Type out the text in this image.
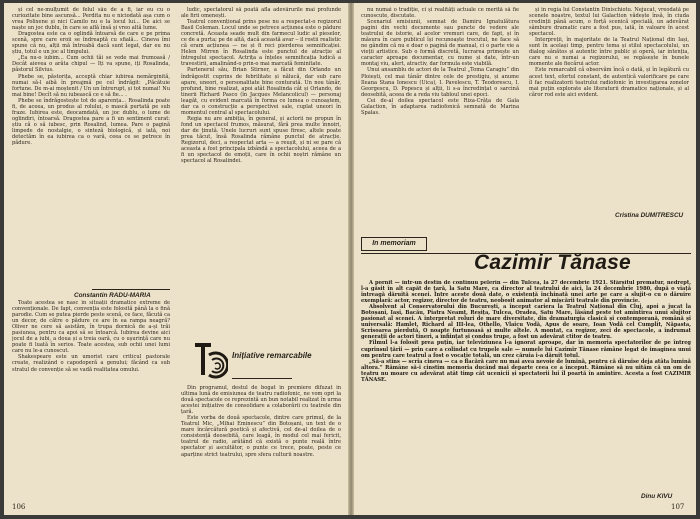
și cel ne-mulțumit de felul său de a fi, iar eu cu o curiozitate bine ascunsă... Perdita nu e niciodată așa cum o vrea Polixene și nici Camilo nu e la locul lui... De aici se naște un joc dublu, în care se află însă și vreo altă lume.

Dragostea este ca o oglindă întoarsă de care e pe prima scenă, spre care eroii se îndreaptă cu sfială... Cineva îmi spune că nu, alții mă întreabă dacă sunt legat, dar eu nu știu, totul e un joc al timpului.

„Ea nu-o iubim... Cum ochii tăi se vede mai frumoasă / Decât aievea o arăta chipul — Iți va spune, iți Rosalinda, păstorul Silvius.

Phebe se, păstorița, acceptă chiar iubirea nemărginită, numai să-l aibă în preajmă pe cel îndrăgit: „Păcătuie fortune. De m-ai moștenit / Un un întrerupt, și tot numai! Nu mai bine! Decît să nu iubească ce e să fie... .

Phebe se îndrăgostește tot de aparența... Rosalinda poate fi, de aceea, un produs al rolului, o mască purtată pe sub fraze. Iubirea este, deocamdată, un joc dublu, o lume de oglindiri, întoarsă. Dragostea pare a fi un sentiment curat: știu că o să iubesc, prin Rosalind, lumea. Pare o pagină limpede de nostalgie, o sinteză biologică, și iată, noi detectăm în ea iubirea ca o vară, ceea ce se petrece în pădure.

Constantin RADU-MARIA

Toate acestea se nasc în situații dramatice extreme de convenționale. De fapt, convenția este folosită până la o fină parodie. Cum se putea pierde peste scenă, ce face, făcută ca un decor, de către o pădure ce are în ea rampa neagră? Oliver ne cere să asistăm, în trupa dornică de a-și trăi pasiunea, pentru ca apoi să se întoarcă. Iubirea devine aici jocul de a iubi, a doua și a treia oară, cu o ușurință care nu poate fi luată în serios. Toate acestea, sub ochii unei lumi care nu le-a cunoscut.

Shakespeare este un umorist care criticul pastorale create, realizând o capodoperă a genului; făcând ca sub stratul de convenție să se vadă realitatea omului.

ludic, spectatorul să poată afla adevărurile mai profunde ale firii omenești.

Teatrul convențional prins pese nu a respectat-o regizorul Basil Coleman. Locul unde se petrece acțiunea este o pădure concretă. Aceasta seade mult din farmecul ludic al pieselor, ce de a purta; pe de altă, dacă această avar ‒ il rostii realistic că eram acțiunea — ne și fi reci pierderea semnificației. Helen Mirren în Rosalinda este punctul de atracție al întregului spectacol. Actrița a înțeles semnificația ludică a travestirii, amalinând-o prin-o mai marcată feminitate.

Partenerul său, Brian Stirner, a făcut din Orlando un îndrăgostit cuprins de febrilitate și nălucă, dar sub care apare, uneori, o personalitate bine conturată. Un nou tânăr, profund, bine realizat, apoi atât Rosalinda cât și Orlando, de tinerii Richard Pasco (în Jacques Melancolicul) — personaj leagăt, cu evident marcată în forma ce lumea o cunoaștem, dar ca o construcție a perspectivei sale, cuplat uneori în momentul central al spectacolului.

Regia nu are ambiția, în general, și actorii ne propun în fond un spectacol frumos, măsurat, fără prea multe înnoiri, dar de ținută. Unele lucruri sunt spuse firesc, altele poate prea tăcut, însă Rosalinda rămâne punctul de atracție. Regizorul, deci, a respectat arta — a reușit, și ni se pare că aceasta a fost principala izbândă a spectacolului, aceea de a fi un spectacol de emoții, care în ochii noștri rămâne un spectacol al Rosalindei.

Inițiative remarcabile

Din programul, destul de bogat în premiere difuzat în ultima lună de emisiunea de teatru radiofonic, ne vom opri la două spectacole ce reprezintă un bun notabil realizat în urma acestei inițiative de consolidare a colaborării cu teatrele din țară.

Este vorba de două spectacole, dintre care primul, de la Teatrul Mic, „Mihai Eminescu” din Botoșani, un text de o mare încărcătură poetică și afectivă, cel de-al doilea de o consistență deosebită, care leagă, în modul cel mai fericit, teatrul de radio, arătând că există o punte reală între spectator și ascultător, o punte ce trece, poate, peste ce aparține strict teatrului, spre sfera culturii noastre.

106

nu numai o tradiție, ci și realități actuale ce merită să fie cunoscute, discutate.

Scenariul emisiunii, semnat de Damiru Ignatulătura pagini din vechi documente sau puncte de vedere ale teatrului de istorie, al acelor vremuri care, de fapt, și în măsura în care publicul își recunoaște trecutul, ne face să ne gândim că nu e doar o pagină de manual, ci o parte vie a vieții artistice. Sub o formă discretă, lucrarea primește un caracter aproape documentar, cu nume și date, într-un montaj viu, alert, atractiv, dar formula este viabilă.

Unui ansamblu de actori de la Teatrul „Toma Caragiu” din Ploiești, cel mai tânăr dintre cele de prestigiu, și anume Ileana Stana Ionescu (Uica), I. Pavelescu, T. Teodorescu, I. Georgescu, D. Popescu și alții, li s-a încredințat o sarcină deosebită, aceea de a reda viu tabloul unei epoci.

Cei de-al doilea spectacol este Riza-Crăța de Gala Galaction, în adaptarea radiofonică semnată de Marina Spalas.

și în regia lui Constantin Dinischiotu. Nejucat, vreodată pe scenele noastre, textul lui Galaction vădește însă, în ciuda credinții până acum, o forță scenică specială, un adevărat sâmbure dramatic care a fost pus, iată, în valoare în acest spectacol.

Interpreții, în majoritate de la Teatrul Național din Iași, sunt în același timp, pentru tema și stilul spectacolului, un dialog sănătos și autentic între public și operă, iar intenția, care nu e numai a regizorului, se regăsește în bunele momente ale fiecărui actor.

Este remarcabil că observăm încă o dată, și în legătură cu acest text, efortul constant, de autentică valorificare pe care îl fac realizatorii teatrului radiofonic în investigarea zonelor mai puțin explorate ale literaturii dramatice naționale, și al căror rod este aici evident.

Cristina DUMITRESCU
In memoriam
Cazimir Tănase

A pornit — într-un destin de continuu pelerin — din Tulcea, la 27 decembrie 1921. Sfârșitul prematur, nedrept, l-a găsit în alt capăt de țară, la Satu Mare, ca director al teatrului de aici, la 24 decembrie 1980, după o viață întreagă dăruită scenei. Între aceste două date, o existență închinată unei arte pe care a slujit-o cu o dăruire exemplară: actor, regizor, director de teatru, neobosit animator al mișcării teatrale din provincie.

Absolvent al Conservatorului din București, a început cariera la Teatrul Național din Cluj, apoi a jucat la Botoșani, Iași, Bacău, Piatra Neamț, Reșița, Tulcea, Oradea, Satu Mare, lăsând peste tot amintirea unui slujitor pasionat al scenei. A interpretat roluri de mare diversitate, din dramaturgia clasică și contemporană, română și universală: Hamlet, Richard al III-lea, Othello, Vlaicu Vodă, Apus de soare, Ioan Vodă cel Cumplit, Năpasta, Scrisoarea pierdută, O noapte furtunoasă și multe altele. A montat, ca regizor, zeci de spectacole, a îndrumat generații de actori tineri, a înființat și condus trupe, a fost un adevărat ctitor de teatru.

Filmul l-a folosit prea puțin, iar televiziunea l-a ignorat aproape, dar în memoria spectatorilor de pe întreg cuprinsul țării — prin care a colindat cu trupele sale — numele lui Cazimir Tănase rămâne legat de imaginea unui om pentru care teatrul a fost o vocație totală, un crez căruia i-a dăruit totul.

„Să-a stins — scria cineva — ca o flacără care nu mai avea nevoie de lumină, pentru că dăruise deja atâta lumină altora.” Rămâne să-i cinstim memoria ducând mai departe ceea ce a început. Rămâne să nu uităm că un om de teatru nu moare cu adevărat atât timp cât ucenicii și spectatorii lui îl poartă în amintire. Acesta a fost CAZIMIR TĂNASE.

Dinu KIVU
107
